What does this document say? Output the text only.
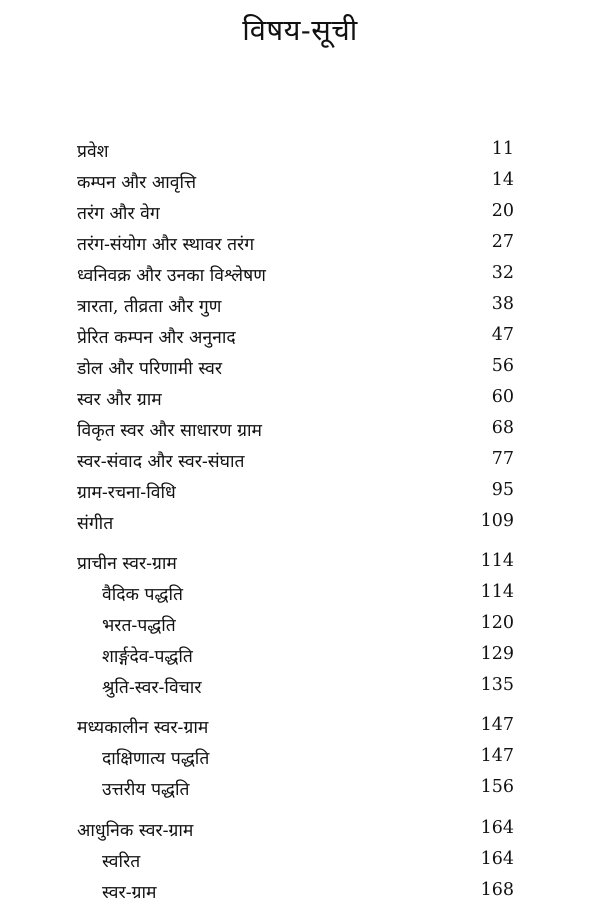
विषय-सूची
प्रवेश	11
कम्पन और आवृत्ति	14
तरंग और वेग	20
तरंग-संयोग और स्थावर तरंग	27
ध्वनिवक्र और उनका विश्लेषण	32
त्रारता, तीव्रता और गुण	38
प्रेरित कम्पन और अनुनाद	47
डोल और परिणामी स्वर	56
स्वर और ग्राम	60
विकृत स्वर और साधारण ग्राम	68
स्वर-संवाद और स्वर-संघात	77
ग्राम-रचना-विधि	95
संगीत	109
प्राचीन स्वर-ग्राम	114
वैदिक पद्धति	114
भरत-पद्धति	120
शार्ङ्गदेव-पद्धति	129
श्रुति-स्वर-विचार	135
मध्यकालीन स्वर-ग्राम	147
दाक्षिणात्य पद्धति	147
उत्तरीय पद्धति	156
आधुनिक स्वर-ग्राम	164
स्वरित	164
स्वर-ग्राम	168
